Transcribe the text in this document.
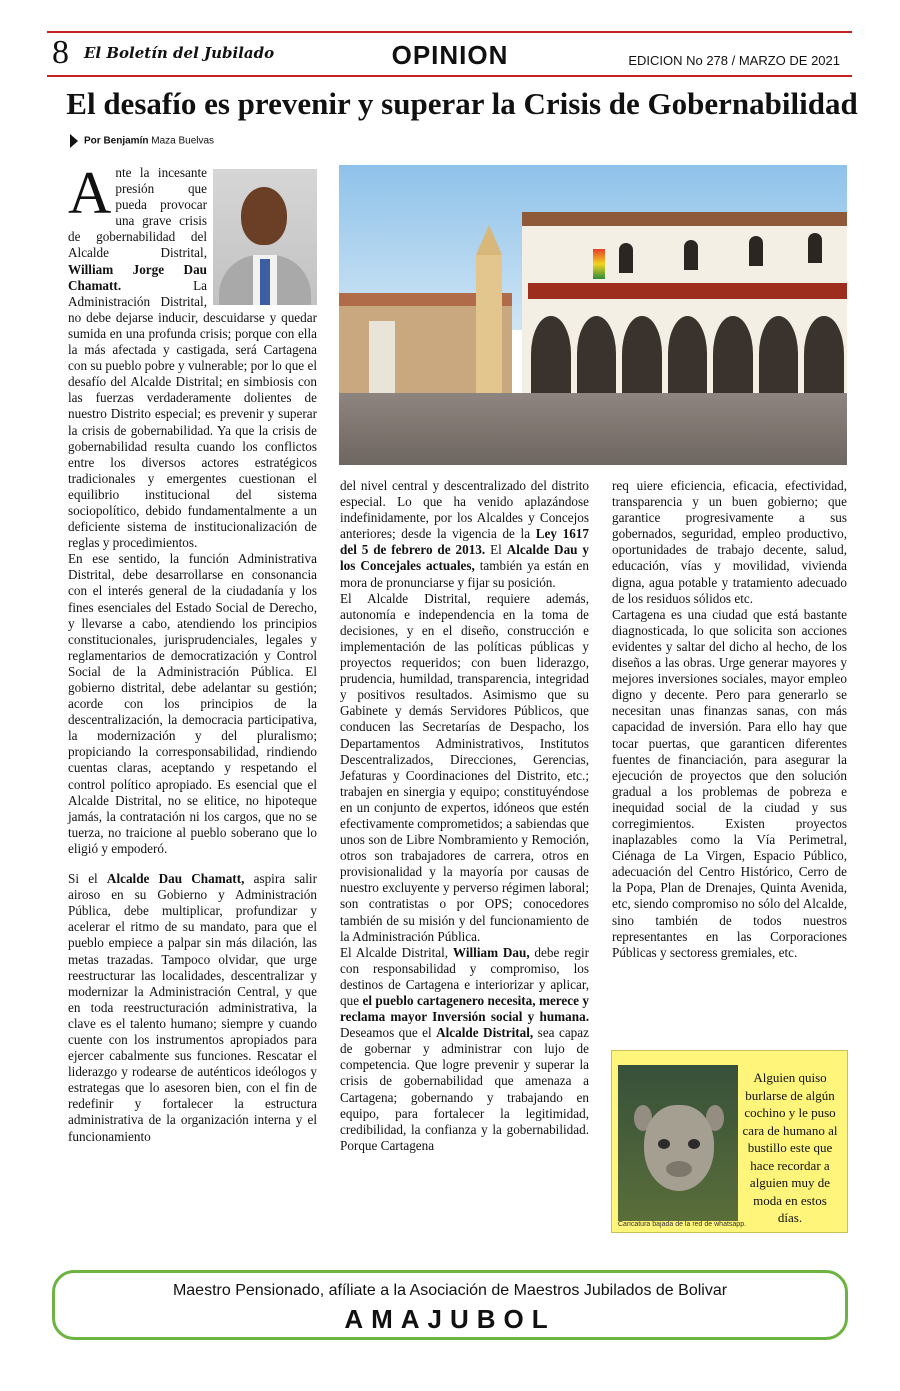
8 El Boletín del Jubilado	OPINION	EDICION No 278 / MARZO DE 2021
El desafío es prevenir y superar la Crisis de Gobernabilidad
Por Benjamín Maza Buelvas

Ante la incesante presión que pueda provocar una grave crisis de gobernabilidad del Alcalde Distrital, William Jorge Dau Chamatt. La Administración Distrital, no debe dejarse inducir, descuidarse y quedar sumida en una profunda crisis; porque con ella la más afectada y castigada, será Cartagena con su pueblo pobre y vulnerable; por lo que el desafío del Alcalde Distrital; en simbiosis con las fuerzas verdaderamente dolientes de nuestro Distrito especial; es prevenir y superar la crisis de gobernabilidad. Ya que la crisis de gobernabilidad resulta cuando los conflictos entre los diversos actores estratégicos tradicionales y emergentes cuestionan el equilibrio institucional del sistema sociopolítico, debido fundamentalmente a un deficiente sistema de institucionalización de reglas y procedimientos.

En ese sentido, la función Administrativa Distrital, debe desarrollarse en consonancia con el interés general de la ciudadanía y los fines esenciales del Estado Social de Derecho, y llevarse a cabo, atendiendo los principios constitucionales, jurisprudenciales, legales y reglamentarios de democratización y Control Social de la Administración Pública. El gobierno distrital, debe adelantar su gestión; acorde con los principios de la descentralización, la democracia participativa, la modernización y del pluralismo; propiciando la corresponsabilidad, rindiendo cuentas claras, aceptando y respetando el control político apropiado. Es esencial que el Alcalde Distrital, no se elitice, no hipoteque jamás, la contratación ni los cargos, que no se tuerza, no traicione al pueblo soberano que lo eligió y empoderó.

Si el Alcalde Dau Chamatt, aspira salir airoso en su Gobierno y Administración Pública, debe multiplicar, profundizar y acelerar el ritmo de su mandato, para que el pueblo empiece a palpar sin más dilación, las metas trazadas. Tampoco olvidar, que urge reestructurar las localidades, descentralizar y modernizar la Administración Central, y que en toda reestructuración administrativa, la clave es el talento humano; siempre y cuando cuente con los instrumentos apropiados para ejercer cabalmente sus funciones. Rescatar el liderazgo y rodearse de auténticos ideólogos y estrategas que lo asesoren bien, con el fin de redefinir y fortalecer la estructura administrativa de la organización interna y el funcionamiento

del nivel central y descentralizado del distrito especial. Lo que ha venido aplazándose indefinidamente, por los Alcaldes y Concejos anteriores; desde la vigencia de la Ley 1617 del 5 de febrero de 2013. El Alcalde Dau y los Concejales actuales, también ya están en mora de pronunciarse y fijar su posición.

El Alcalde Distrital, requiere además, autonomía e independencia en la toma de decisiones, y en el diseño, construcción e implementación de las políticas públicas y proyectos requeridos; con buen liderazgo, prudencia, humildad, transparencia, integridad y positivos resultados. Asimismo que su Gabinete y demás Servidores Públicos, que conducen las Secretarías de Despacho, los Departamentos Administrativos, Institutos Descentralizados, Direcciones, Gerencias, Jefaturas y Coordinaciones del Distrito, etc.; trabajen en sinergia y equipo; constituyéndose en un conjunto de expertos, idóneos que estén efectivamente comprometidos; a sabiendas que unos son de Libre Nombramiento y Remoción, otros son trabajadores de carrera, otros en provisionalidad y la mayoría por causas de nuestro excluyente y perverso régimen laboral; son contratistas o por OPS; conocedores también de su misión y del funcionamiento de la Administración Pública.

El Alcalde Distrital, William Dau, debe regir con responsabilidad y compromiso, los destinos de Cartagena e interiorizar y aplicar, que el pueblo cartagenero necesita, merece y reclama mayor Inversión social y humana. Deseamos que el Alcalde Distrital, sea capaz de gobernar y administrar con lujo de competencia. Que logre prevenir y superar la crisis de gobernabilidad que amenaza a Cartagena; gobernando y trabajando en equipo, para fortalecer la legitimidad, credibilidad, la confianza y la gobernabilidad. Porque Cartagena

req uiere eficiencia, eficacia, efectividad, transparencia y un buen gobierno; que garantice progresivamente a sus gobernados, seguridad, empleo productivo, oportunidades de trabajo decente, salud, educación, vías y movilidad, vivienda digna, agua potable y tratamiento adecuado de los residuos sólidos etc.

Cartagena es una ciudad que está bastante diagnosticada, lo que solicita son acciones evidentes y saltar del dicho al hecho, de los diseños a las obras. Urge generar mayores y mejores inversiones sociales, mayor empleo digno y decente. Pero para generarlo se necesitan unas finanzas sanas, con más capacidad de inversión. Para ello hay que tocar puertas, que garanticen diferentes fuentes de financiación, para asegurar la ejecución de proyectos que den solución gradual a los problemas de pobreza e inequidad social de la ciudad y sus corregimientos. Existen proyectos inaplazables como la Vía Perimetral, Ciénaga de La Virgen, Espacio Público, adecuación del Centro Histórico, Cerro de la Popa, Plan de Drenajes, Quinta Avenida, etc, siendo compromiso no sólo del Alcalde, sino también de todos nuestros representantes en las Corporaciones Públicas y sectoress gremiales, etc.

Alguien quiso burlarse de algún cochino y le puso cara de humano al bustillo este que hace recordar a alguien muy de moda en estos días.
Caricatura bajada de la red de whatsapp.
Maestro Pensionado, afíliate a la Asociación de Maestros Jubilados de Bolivar
AMAJUBOL
